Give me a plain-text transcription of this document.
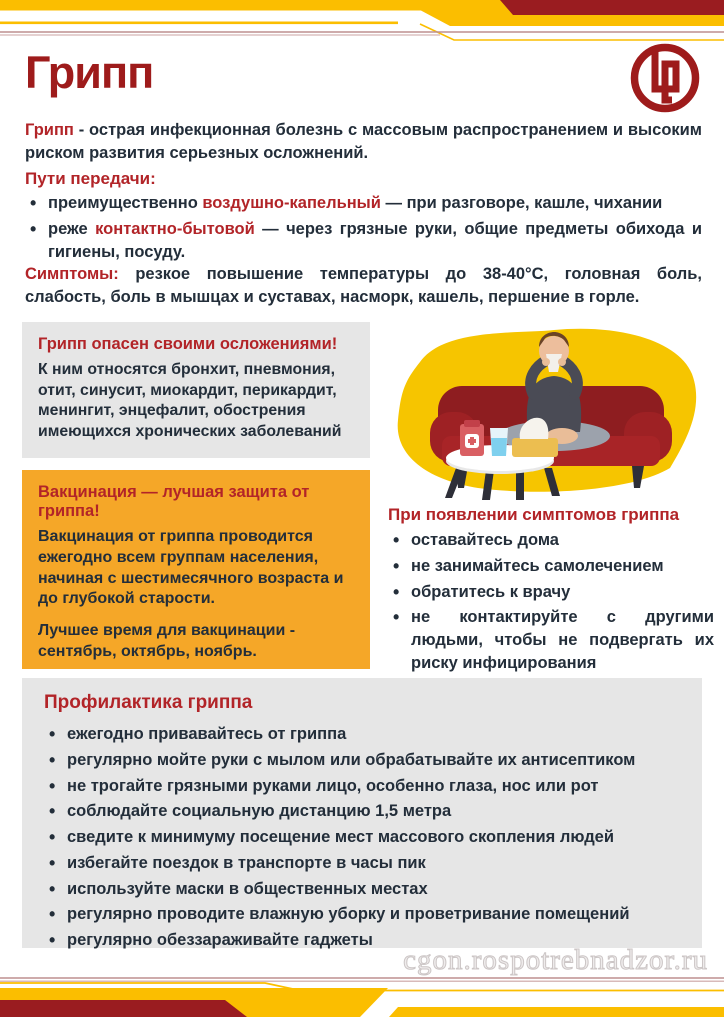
Грипп

Грипп - острая инфекционная болезнь с массовым распространением и высоким риском развития серьезных осложнений.

Пути передачи:
• преимущественно воздушно-капельный — при разговоре, кашле, чихании
• реже контактно-бытовой — через грязные руки, общие предметы обихода и гигиены, посуду.

Симптомы: резкое повышение температуры до 38-40°С, головная боль, слабость, боль в мышцах и суставах, насморк, кашель, першение в горле.

Грипп опасен своими осложениями!

К ним относятся бронхит, пневмония, отит, синусит, миокардит, перикардит, менингит, энцефалит, обострения имеющихся хронических заболеваний

Вакцинация — лучшая защита от гриппа!

Вакцинация от гриппа проводится ежегодно всем группам населения, начиная с шестимесячного возраста и до глубокой старости.

Лучшее время для вакцинации - сентябрь, октябрь, ноябрь.

При появлении симптомов гриппа
• оставайтесь дома
• не занимайтесь самолечением
• обратитесь к врачу
• не контактируйте с другими людьми, чтобы не подвергать их риску инфицирования
Профилактика гриппа
• ежегодно привавайтесь от гриппа
• регулярно мойте руки с мылом или обрабатывайте их антисептиком
• не трогайте грязными руками лицо, особенно глаза, нос или рот
• соблюдайте социальную дистанцию 1,5 метра
• сведите к минимуму посещение мест массового скопления людей
• избегайте поездок в транспорте в часы пик
• используйте маски в общественных местах
• регулярно проводите влажную уборку и проветривание помещений
• регулярно обеззараживайте гаджеты
cgon.rospotrebnadzor.ru
